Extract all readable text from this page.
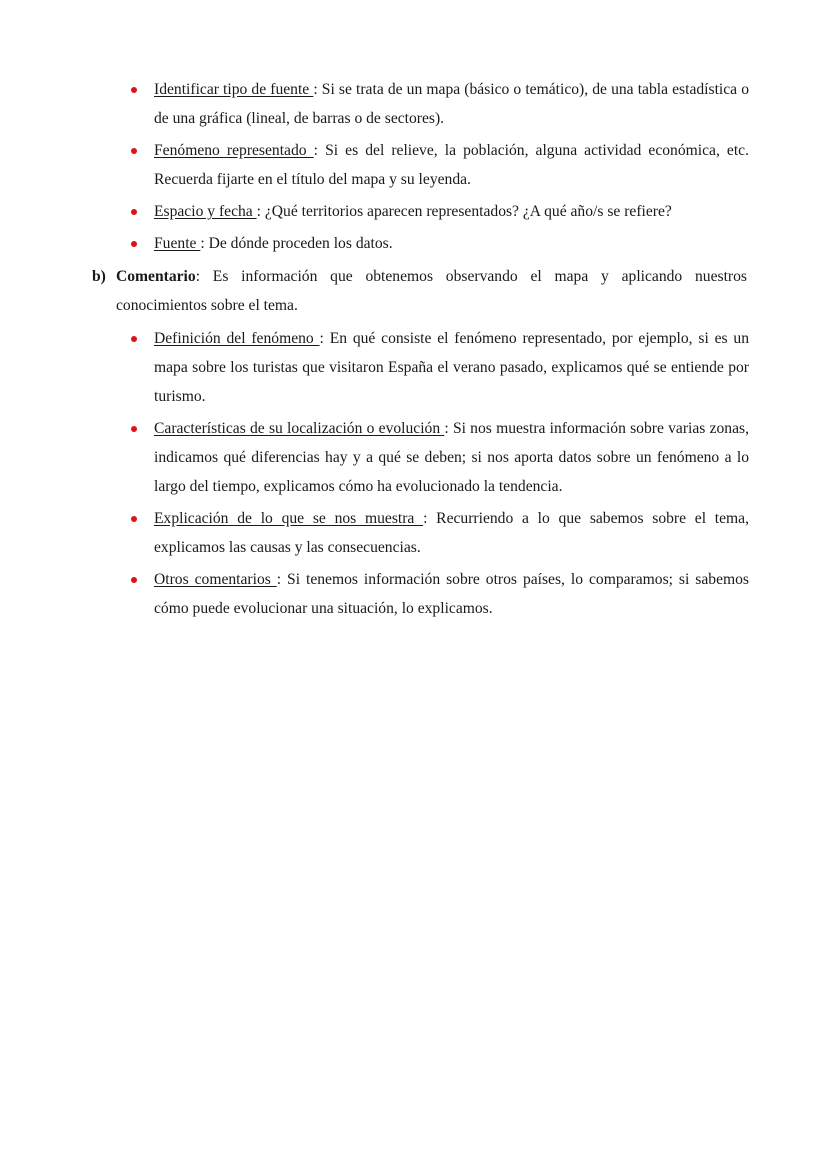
Identificar tipo de fuente : Si se trata de un mapa (básico o temático), de una tabla estadística o de una gráfica (lineal, de barras o de sectores).
Fenómeno representado : Si es del relieve, la población, alguna actividad económica, etc. Recuerda fijarte en el título del mapa y su leyenda.
Espacio y fecha : ¿Qué territorios aparecen representados? ¿A qué año/s se refiere?
Fuente : De dónde proceden los datos.
b) Comentario: Es información que obtenemos observando el mapa y aplicando nuestros conocimientos sobre el tema.
Definición del fenómeno : En qué consiste el fenómeno representado, por ejemplo, si es un mapa sobre los turistas que visitaron España el verano pasado, explicamos qué se entiende por turismo.
Características de su localización o evolución : Si nos muestra información sobre varias zonas, indicamos qué diferencias hay y a qué se deben; si nos aporta datos sobre un fenómeno a lo largo del tiempo, explicamos cómo ha evolucionado la tendencia.
Explicación de lo que se nos muestra : Recurriendo a lo que sabemos sobre el tema, explicamos las causas y las consecuencias.
Otros comentarios : Si tenemos información sobre otros países, lo comparamos; si sabemos cómo puede evolucionar una situación, lo explicamos.
